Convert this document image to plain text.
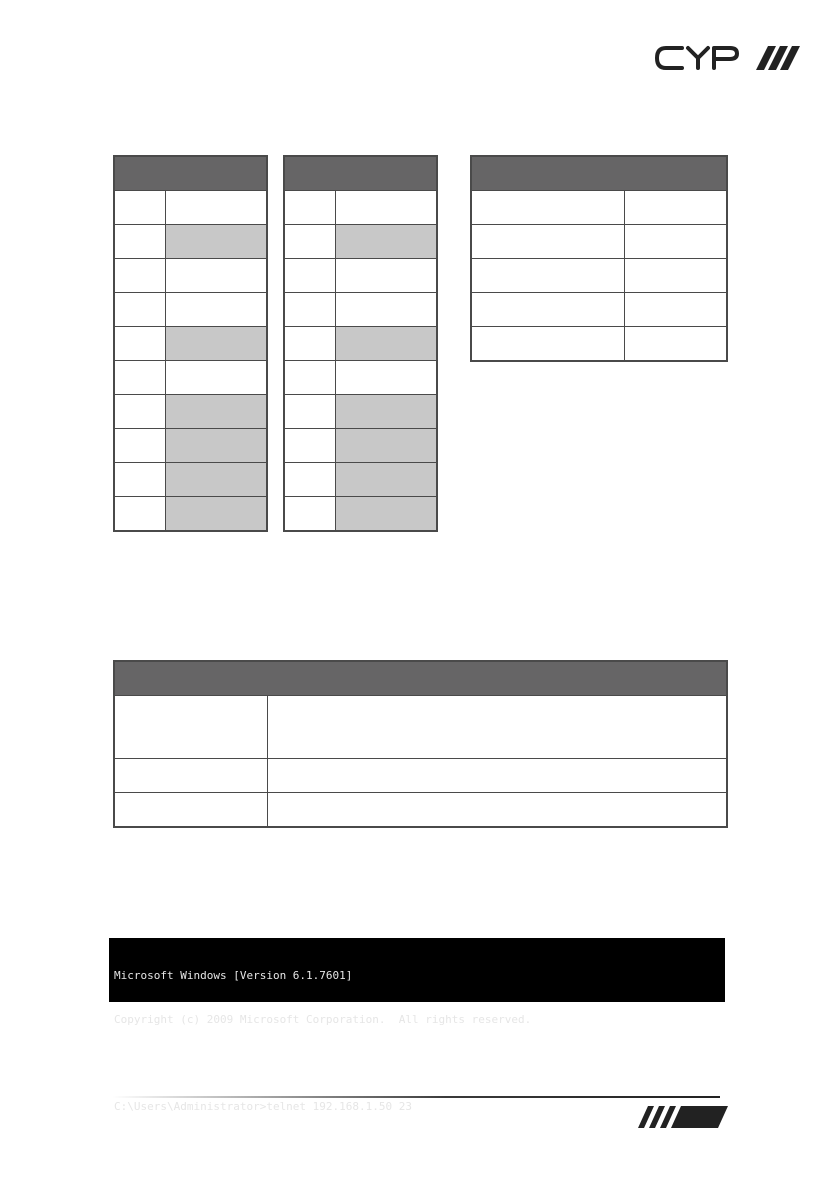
Microsoft Windows [Version 6.1.7601]

Copyright (c) 2009 Microsoft Corporation.  All rights reserved.

C:\Users\Administrator>telnet 192.168.1.50 23
